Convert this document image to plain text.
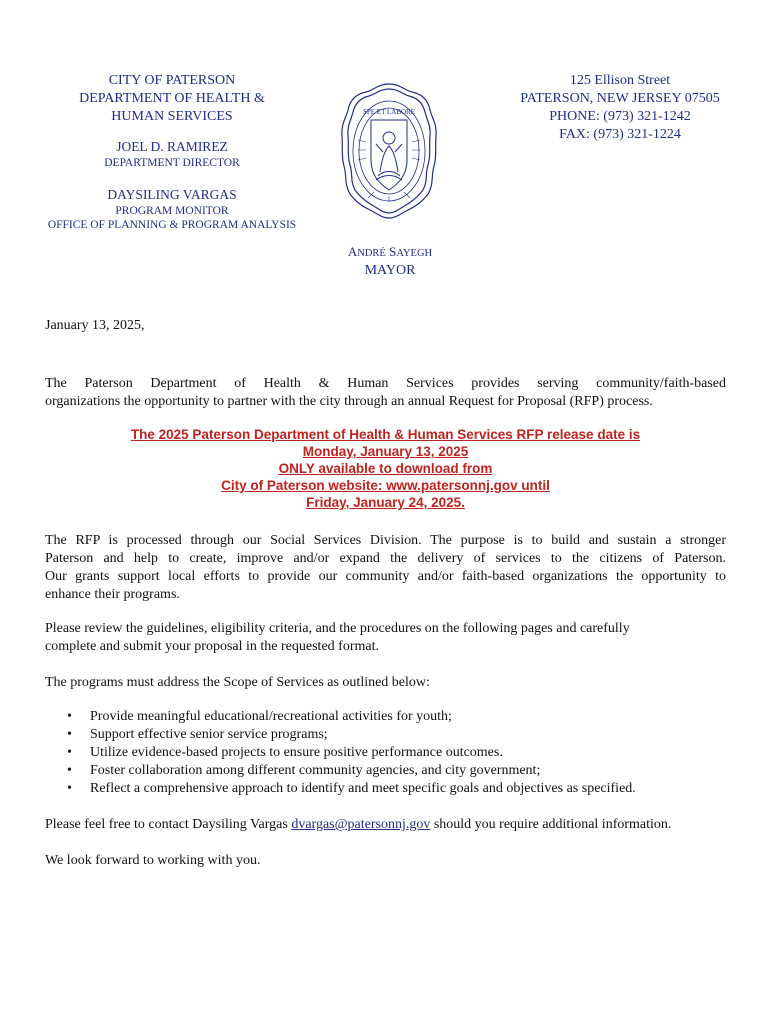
CITY OF PATERSON
DEPARTMENT OF HEALTH &
HUMAN SERVICES
JOEL D. RAMIREZ
DEPARTMENT DIRECTOR
DAYSILING VARGAS
PROGRAM MONITOR
OFFICE OF PLANNING & PROGRAM ANALYSIS
SPE ET LABORE
125 Ellison Street
PATERSON, NEW JERSEY 07505
PHONE: (973) 321-1242
FAX: (973) 321-1224
ANDRÉ SAYEGH
MAYOR
January 13, 2025,
The Paterson Department of Health & Human Services provides serving community/faith-based
organizations the opportunity to partner with the city through an annual Request for Proposal (RFP) process.
The 2025 Paterson Department of Health & Human Services RFP release date is
Monday, January 13, 2025
ONLY available to download from
City of Paterson website: www.patersonnj.gov until
Friday, January 24, 2025.
The RFP is processed through our Social Services Division. The purpose is to build and sustain a stronger
Paterson and help to create, improve and/or expand the delivery of services to the citizens of Paterson.
Our grants support local efforts to provide our community and/or faith-based organizations the opportunity to
enhance their programs.
Please review the guidelines, eligibility criteria, and the procedures on the following pages and carefully
complete and submit your proposal in the requested format.
The programs must address the Scope of Services as outlined below:
• Provide meaningful educational/recreational activities for youth;
• Support effective senior service programs;
• Utilize evidence-based projects to ensure positive performance outcomes.
• Foster collaboration among different community agencies, and city government;
• Reflect a comprehensive approach to identify and meet specific goals and objectives as specified.
Please feel free to contact Daysiling Vargas dvargas@patersonnj.gov should you require additional information.
We look forward to working with you.
